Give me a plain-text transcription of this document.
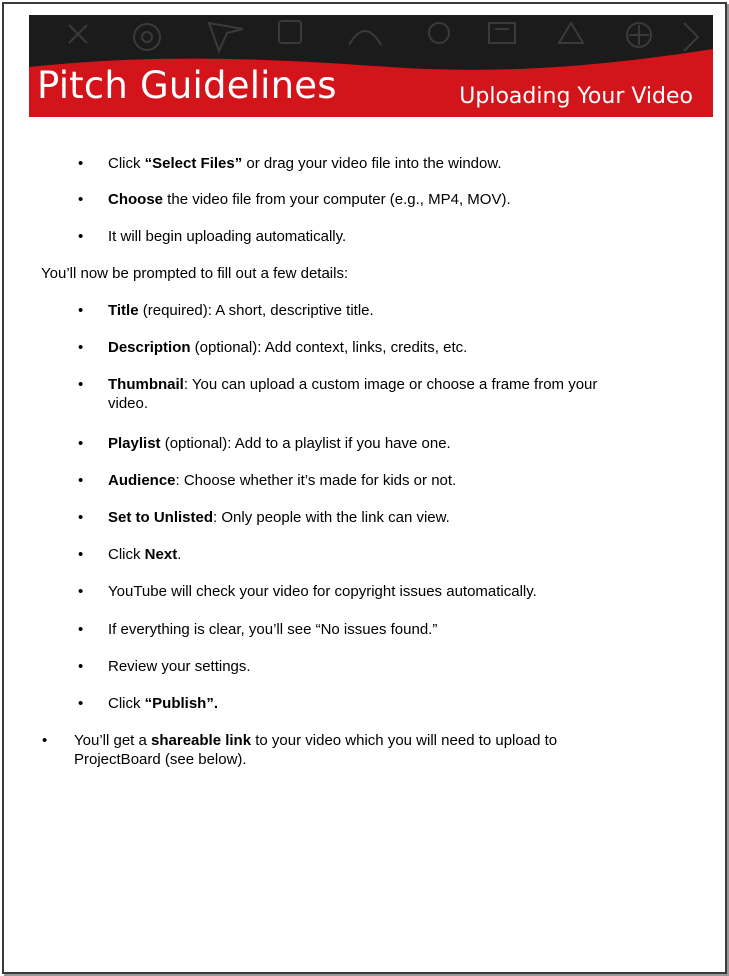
Pitch Guidelines	Uploading Your Video
• Click “Select Files” or drag your video file into the window.
• Choose the video file from your computer (e.g., MP4, MOV).
• It will begin uploading automatically.
You’ll now be prompted to fill out a few details:
• Title (required): A short, descriptive title.
• Description (optional): Add context, links, credits, etc.
• Thumbnail: You can upload a custom image or choose a frame from your
video.
• Playlist (optional): Add to a playlist if you have one.
• Audience: Choose whether it’s made for kids or not.
• Set to Unlisted: Only people with the link can view.
• Click Next.
• YouTube will check your video for copyright issues automatically.
• If everything is clear, you’ll see “No issues found.”
• Review your settings.
• Click “Publish”.
• You’ll get a shareable link to your video which you will need to upload to
ProjectBoard (see below).
